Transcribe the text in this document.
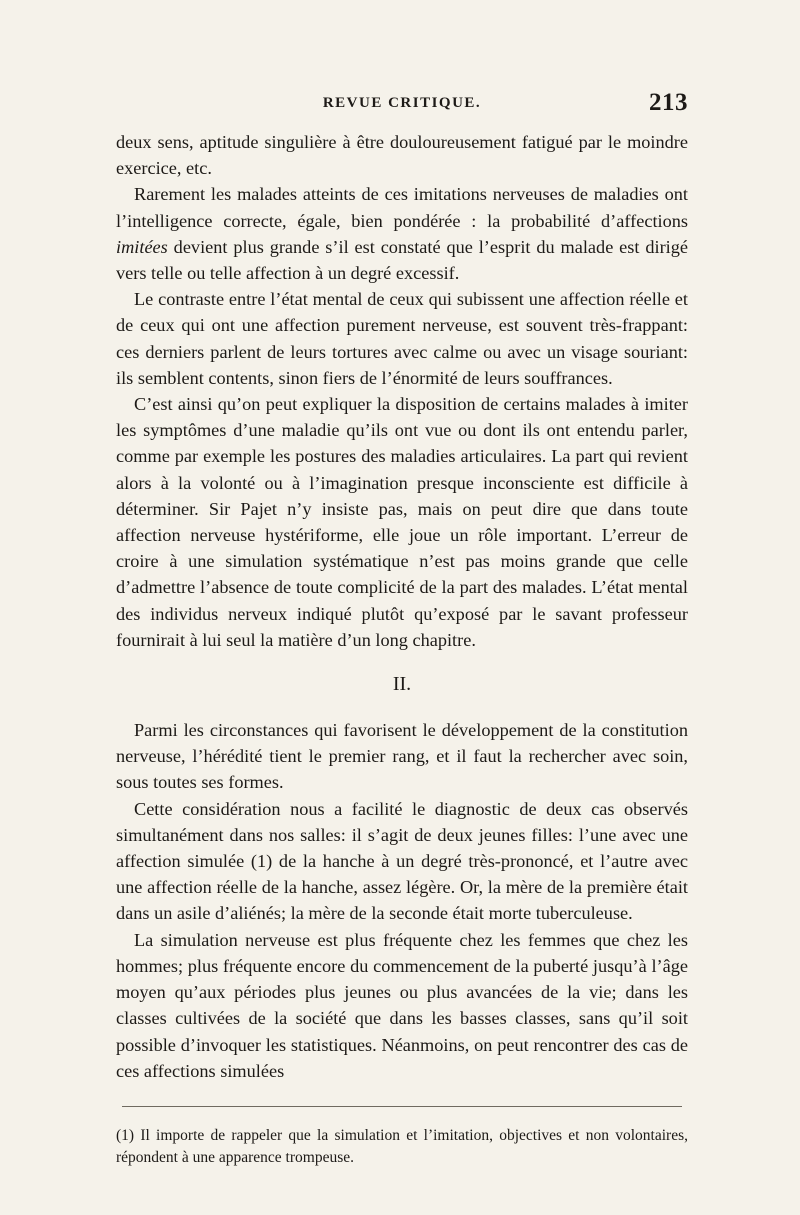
REVUE CRITIQUE.	213

deux sens, aptitude singulière à être douloureusement fatigué par le moindre exercice, etc.

Rarement les malades atteints de ces imitations nerveuses de maladies ont l’intelligence correcte, égale, bien pondérée : la probabilité d’affections imitées devient plus grande s’il est constaté que l’esprit du malade est dirigé vers telle ou telle affection à un degré excessif.

Le contraste entre l’état mental de ceux qui subissent une affection réelle et de ceux qui ont une affection purement nerveuse, est souvent très-frappant: ces derniers parlent de leurs tortures avec calme ou avec un visage souriant: ils semblent contents, sinon fiers de l’énormité de leurs souffrances.

C’est ainsi qu’on peut expliquer la disposition de certains malades à imiter les symptômes d’une maladie qu’ils ont vue ou dont ils ont entendu parler, comme par exemple les postures des maladies articulaires. La part qui revient alors à la volonté ou à l’imagination presque inconsciente est difficile à déterminer. Sir Pajet n’y insiste pas, mais on peut dire que dans toute affection nerveuse hystériforme, elle joue un rôle important. L’erreur de croire à une simulation systématique n’est pas moins grande que celle d’admettre l’absence de toute complicité de la part des malades. L’état mental des individus nerveux indiqué plutôt qu’exposé par le savant professeur fournirait à lui seul la matière d’un long chapitre.

II.

Parmi les circonstances qui favorisent le développement de la constitution nerveuse, l’hérédité tient le premier rang, et il faut la rechercher avec soin, sous toutes ses formes.

Cette considération nous a facilité le diagnostic de deux cas observés simultanément dans nos salles: il s’agit de deux jeunes filles: l’une avec une affection simulée (1) de la hanche à un degré très-prononcé, et l’autre avec une affection réelle de la hanche, assez légère. Or, la mère de la première était dans un asile d’aliénés; la mère de la seconde était morte tuberculeuse.

La simulation nerveuse est plus fréquente chez les femmes que chez les hommes; plus fréquente encore du commencement de la puberté jusqu’à l’âge moyen qu’aux périodes plus jeunes ou plus avancées de la vie; dans les classes cultivées de la société que dans les basses classes, sans qu’il soit possible d’invoquer les statistiques. Néanmoins, on peut rencontrer des cas de ces affections simulées

(1) Il importe de rappeler que la simulation et l’imitation, objectives et non volontaires, répondent à une apparence trompeuse.
